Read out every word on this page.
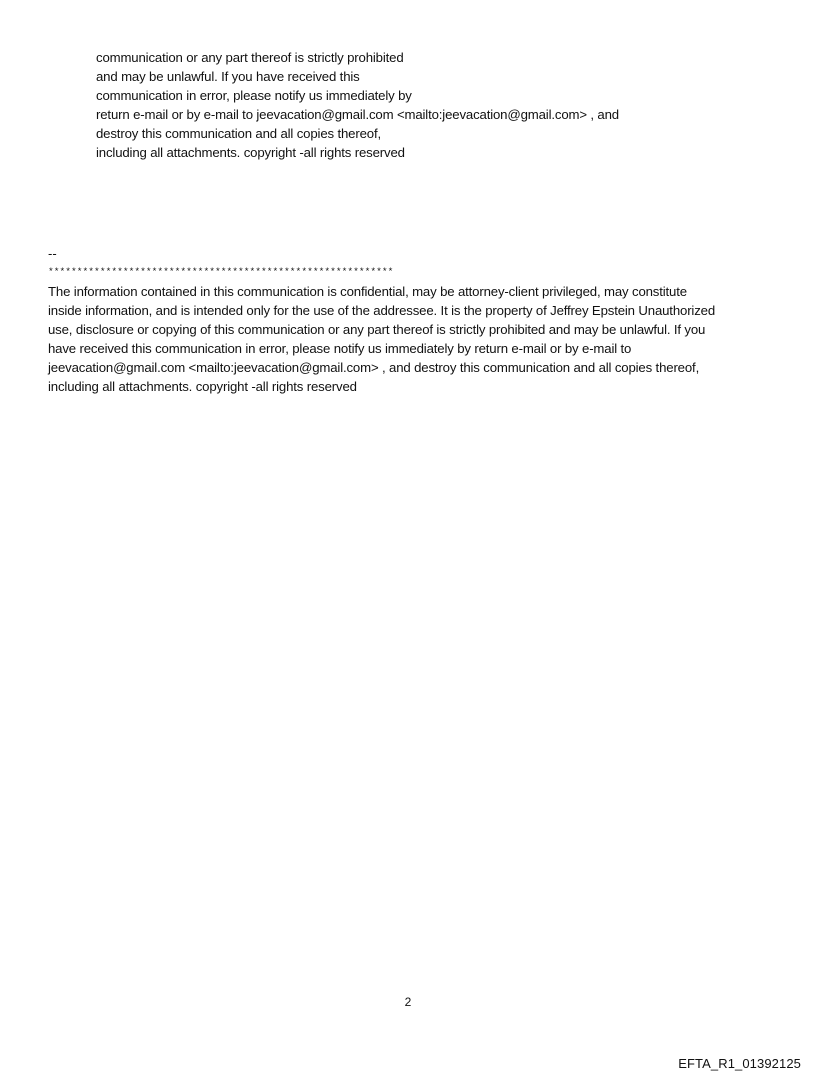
communication or any part thereof is strictly prohibited
and may be unlawful. If you have received this
communication in error, please notify us immediately by
return e-mail or by e-mail to jeevacation@gmail.com <mailto:jeevacation@gmail.com> , and
destroy this communication and all copies thereof,
including all attachments. copyright -all rights reserved
--
************************************************************
The information contained in this communication is confidential, may be attorney-client privileged, may constitute
inside information, and is intended only for the use of the addressee. It is the property of Jeffrey Epstein Unauthorized
use, disclosure or copying of this communication or any part thereof is strictly prohibited and may be unlawful. If you
have received this communication in error, please notify us immediately by return e-mail or by e-mail to
jeevacation@gmail.com <mailto:jeevacation@gmail.com> , and destroy this communication and all copies thereof,
including all attachments. copyright -all rights reserved
2
EFTA_R1_01392125
